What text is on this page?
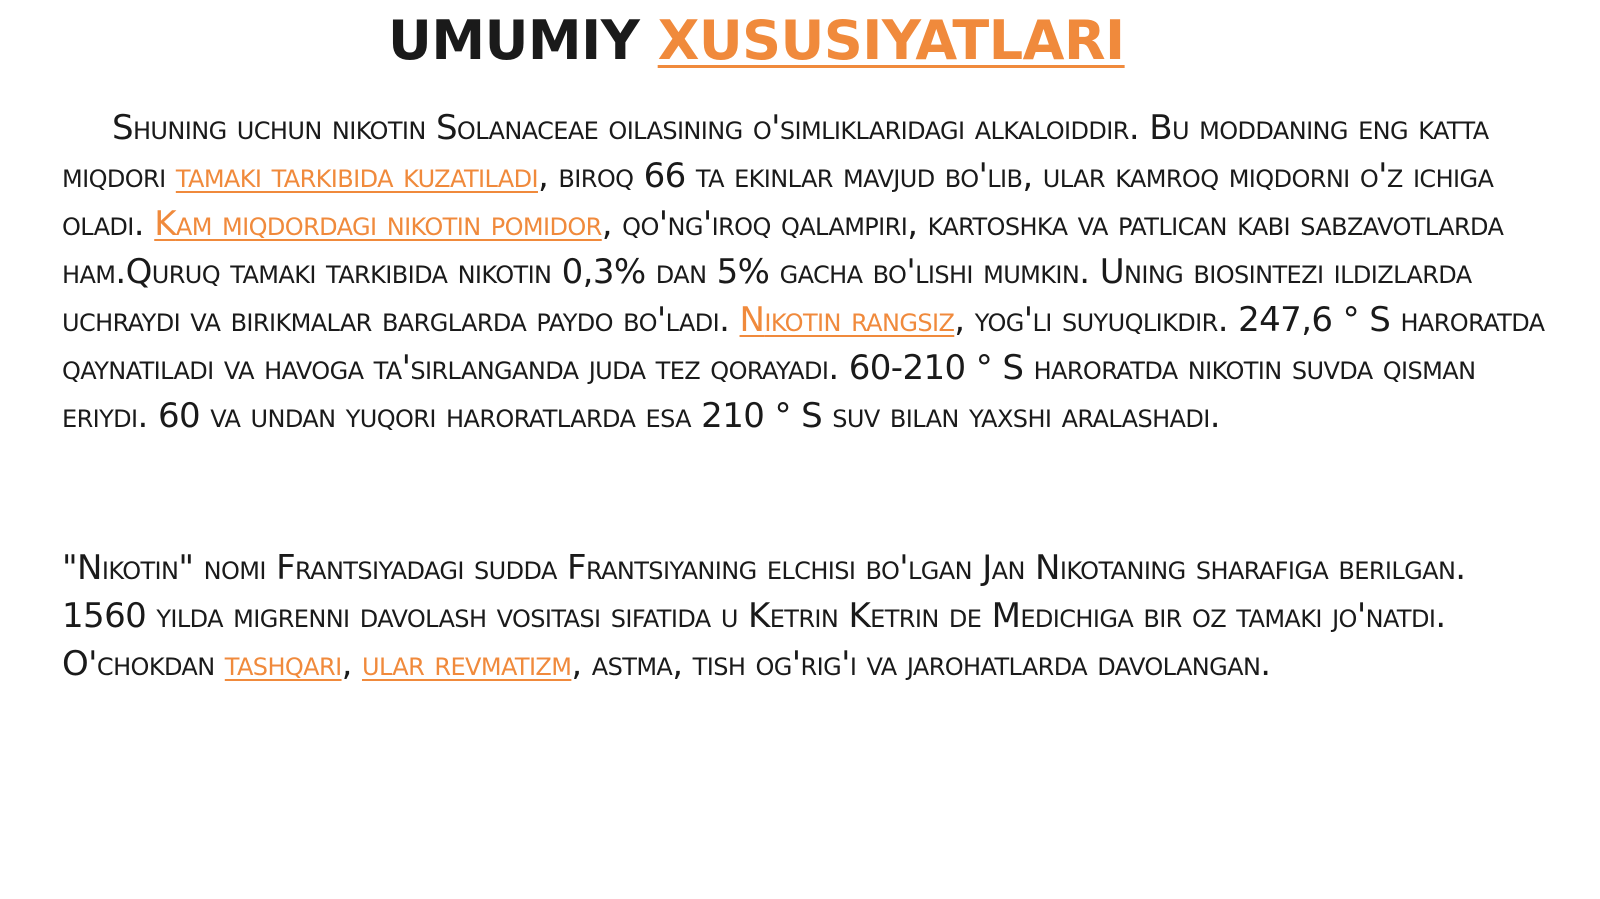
UMUMIY XUSUSIYATLARI

Shuning uchun nikotin Solanaceae oilasining o'simliklaridagi alkaloiddir. Bu moddaning eng katta miqdori tamaki tarkibida kuzatiladi, biroq 66 ta ekinlar mavjud bo'lib, ular kamroq miqdorni o'z ichiga oladi. Kam miqdordagi nikotin pomidor, qo'ng'iroq qalampiri, kartoshka va patlican kabi sabzavotlarda ham.Quruq tamaki tarkibida nikotin 0,3% dan 5% gacha bo'lishi mumkin. Uning biosintezi ildizlarda uchraydi va birikmalar barglarda paydo bo'ladi. Nikotin rangsiz, yog'li suyuqlikdir. 247,6 ° S haroratda qaynatiladi va havoga ta'sirlanganda juda tez qorayadi. 60-210 ° S haroratda nikotin suvda qisman eriydi. 60 va undan yuqori haroratlarda esa 210 ° S suv bilan yaxshi aralashadi.

"Nikotin" nomi Frantsiyadagi sudda Frantsiyaning elchisi bo'lgan Jan Nikotaning sharafiga berilgan. 1560 yilda migrenni davolash vositasi sifatida u Ketrin Ketrin de Medichiga bir oz tamaki jo'natdi. O'chokdan tashqari, ular revmatizm, astma, tish og'rig'i va jarohatlarda davolangan.
